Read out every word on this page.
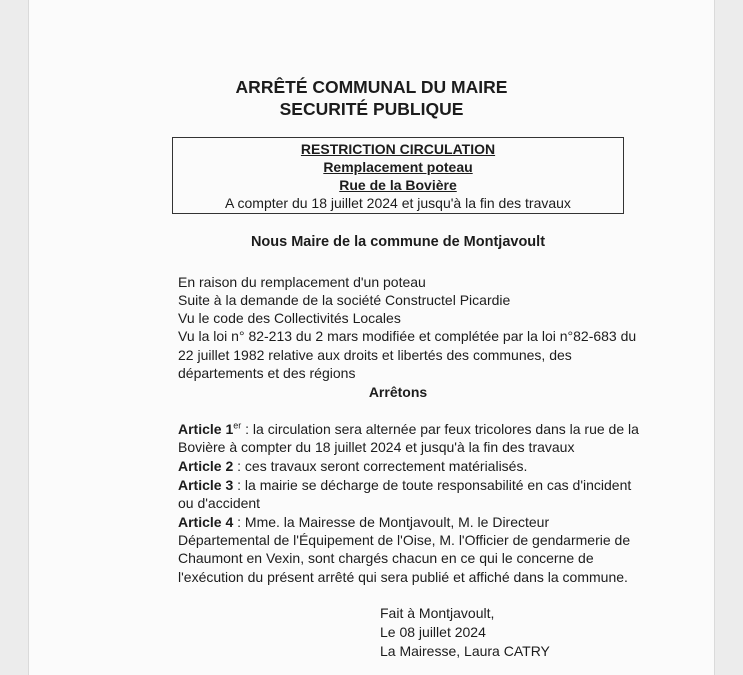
ARRÊTÉ COMMUNAL DU MAIRE
SECURITÉ PUBLIQUE
RESTRICTION CIRCULATION
Remplacement poteau
Rue de la Bovière
A compter du 18 juillet 2024 et jusqu'à la fin des travaux
Nous Maire de la commune de Montjavoult
En raison du remplacement d'un poteau
Suite à la demande de la société Constructel Picardie
Vu le code des Collectivités Locales
Vu la loi n° 82-213 du 2 mars modifiée et complétée par la loi n°82-683 du
22 juillet 1982 relative aux droits et libertés des communes, des
départements et des régions
Arrêtons
Article 1er : la circulation sera alternée par feux tricolores dans la rue de la
Bovière à compter du 18 juillet 2024 et jusqu'à la fin des travaux
Article 2 : ces travaux seront correctement matérialisés.
Article 3 : la mairie se décharge de toute responsabilité en cas d'incident
ou d'accident
Article 4 : Mme. la Mairesse de Montjavoult, M. le Directeur
Départemental de l'Équipement de l'Oise, M. l'Officier de gendarmerie de
Chaumont en Vexin, sont chargés chacun en ce qui le concerne de
l'exécution du présent arrêté qui sera publié et affiché dans la commune.
Fait à Montjavoult,
Le 08 juillet 2024
La Mairesse, Laura CATRY
